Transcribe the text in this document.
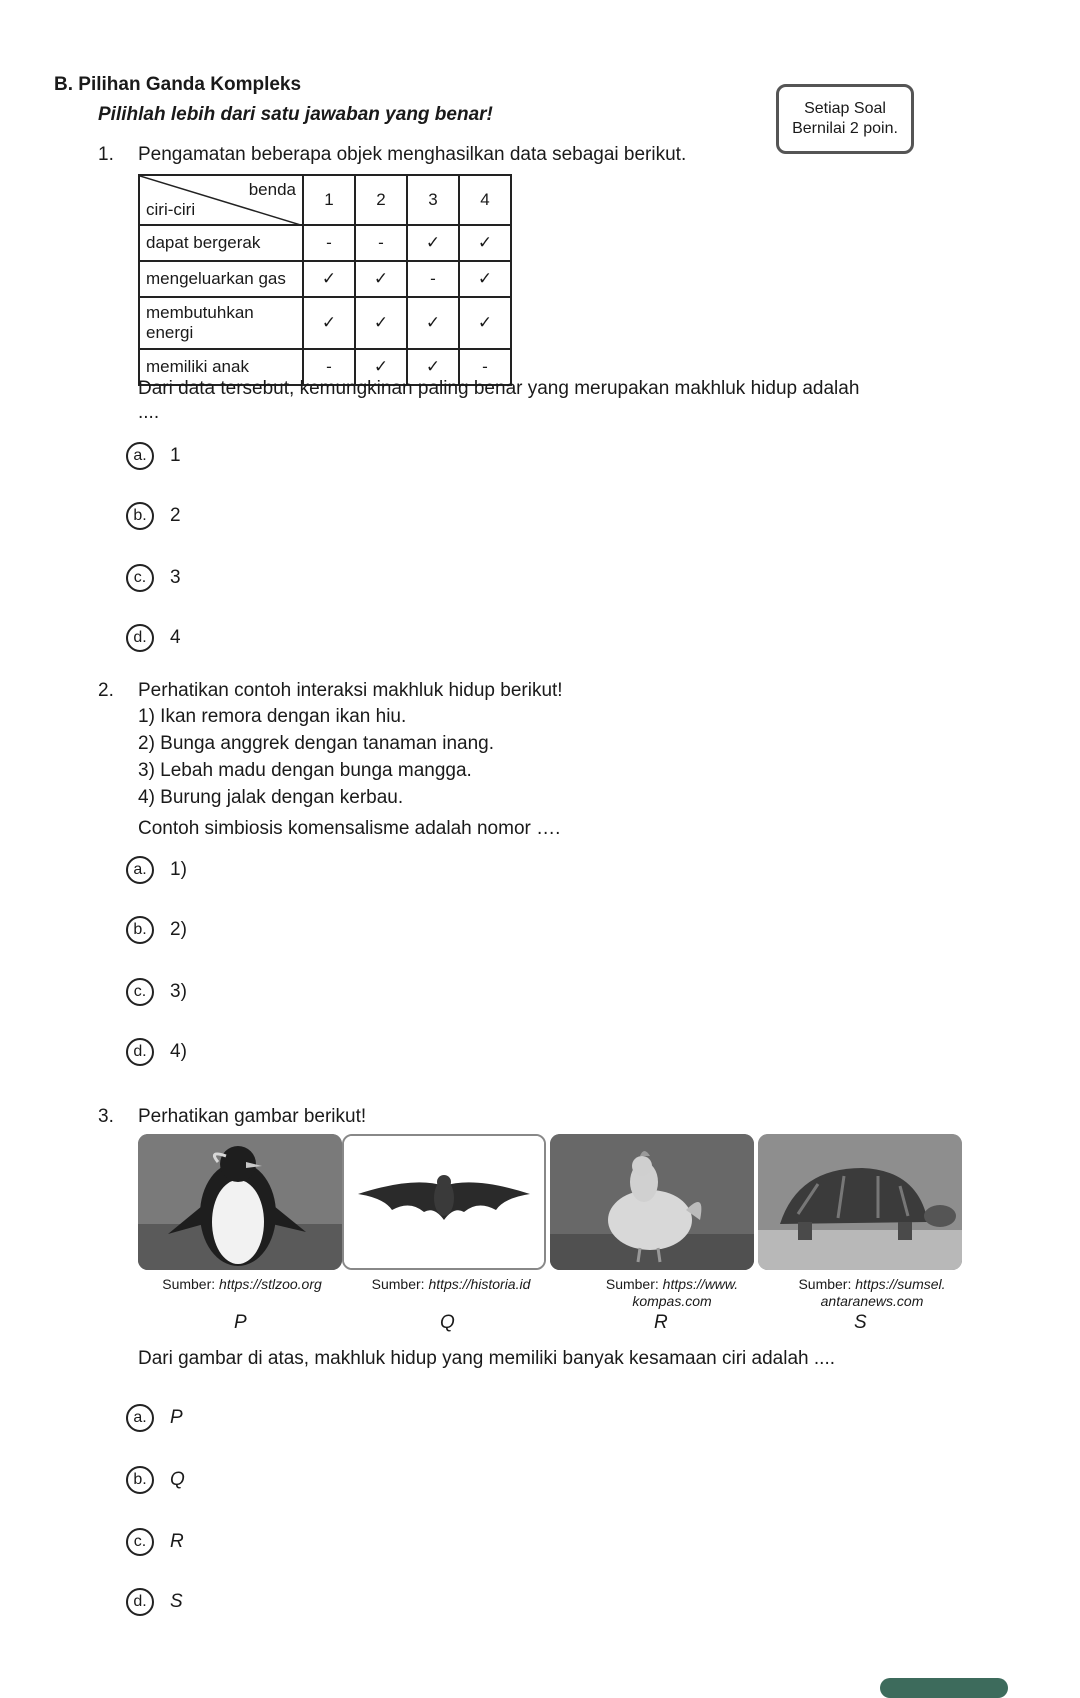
B. Pilihan Ganda Kompleks
Pilihlah lebih dari satu jawaban yang benar!	Setiap Soal
Bernilai 2 poin.
1. Pengamatan beberapa objek menghasilkan data sebagai berikut.
benda
ciri-ciri	1	2	3	4
dapat bergerak	-	-	✓	✓
mengeluarkan gas	✓	✓	-	✓
membutuhkan energi	✓	✓	✓	✓
memiliki anak	-	✓	✓	-
Dari data tersebut, kemungkinan paling benar yang merupakan makhluk hidup adalah
....
a.	1
b.	2
c.	3
d.	4
2. Perhatikan contoh interaksi makhluk hidup berikut!
1) Ikan remora dengan ikan hiu.
2) Bunga anggrek dengan tanaman inang.
3) Lebah madu dengan bunga mangga.
4) Burung jalak dengan kerbau.
Contoh simbiosis komensalisme adalah nomor ….
a.	1)
b.	2)
c.	3)
d.	4)
3. Perhatikan gambar berikut!
Sumber: https://stlzoo.org	Sumber: https://historia.id	Sumber: https://www.
kompas.com
Sumber: https://sumsel.
antaranews.com
P	Q	R	S
Dari gambar di atas, makhluk hidup yang memiliki banyak kesamaan ciri adalah ....
a.	P
b.	Q
c.	R
d.	S
